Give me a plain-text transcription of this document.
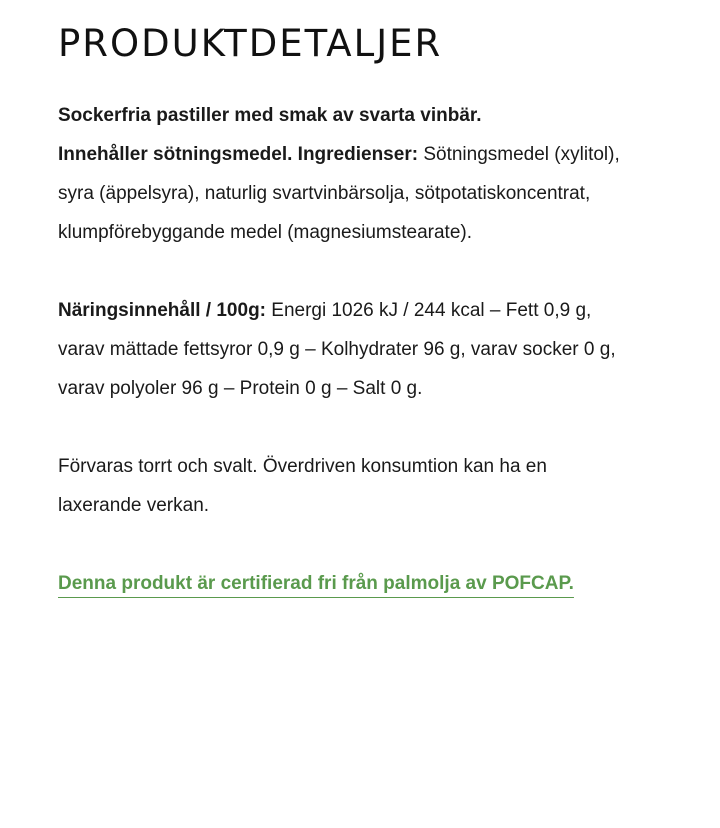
PRODUKTDETALJER

Sockerfria pastiller med smak av svarta vinbär.

Innehåller sötningsmedel. Ingredienser: Sötningsmedel (xylitol), syra (äppelsyra), naturlig svartvinbärsolja, sötpotatiskoncentrat, klumpförebyggande medel (magnesiumstearate).

Näringsinnehåll / 100g: Energi 1026 kJ / 244 kcal – Fett 0,9 g, varav mättade fettsyror 0,9 g – Kolhydrater 96 g, varav socker 0 g, varav polyoler 96 g – Protein 0 g – Salt 0 g.

Förvaras torrt och svalt. Överdriven konsumtion kan ha en laxerande verkan.

Denna produkt är certifierad fri från palmolja av POFCAP.
